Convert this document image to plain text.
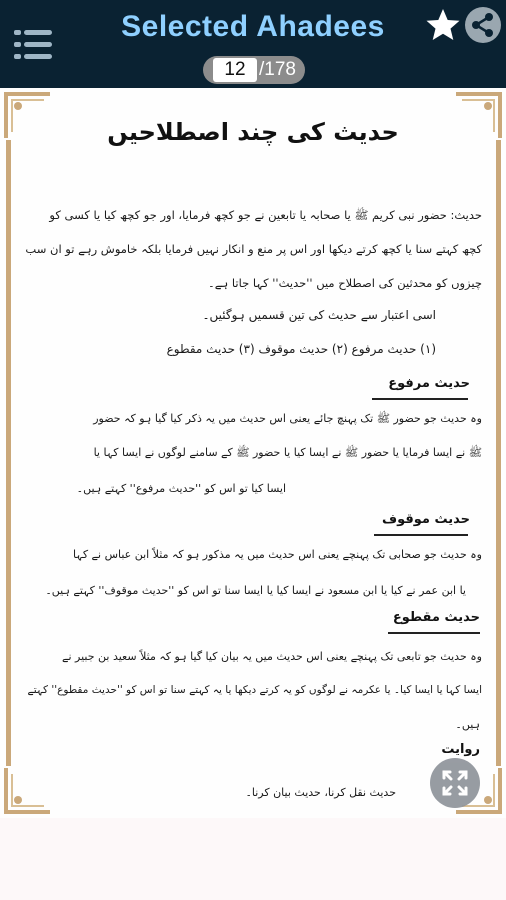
Selected Ahadees
12 /178
حدیث کی چند اصطلاحیں
حدیث: حضور نبی کریم ﷺ یا صحابہ یا تابعین نے جو کچھ فرمایا، اور جو کچھ کیا یا کسی کو
کچھ کہتے سنا یا کچھ کرتے دیکھا اور اس پر منع و انکار نہیں فرمایا بلکہ خاموش رہے تو ان سب
چیزوں کو محدثین کی اصطلاح میں ''حدیث'' کہا جاتا ہے۔
اسی اعتبار سے حدیث کی تین قسمیں ہوگئیں۔
(۱) حدیث مرفوع (۲) حدیث موقوف (۳) حدیث مقطوع
حدیث مرفوع
وہ حدیث جو حضور ﷺ تک پہنچ جائے یعنی اس حدیث میں یہ ذکر کیا گیا ہو کہ حضور
ﷺ نے ایسا فرمایا یا حضور ﷺ نے ایسا کیا یا حضور ﷺ کے سامنے لوگوں نے ایسا کہا یا
ایسا کیا تو اس کو ''حدیث مرفوع'' کہتے ہیں۔
حدیث موقوف
وہ حدیث جو صحابی تک پہنچے یعنی اس حدیث میں یہ مذکور ہو کہ مثلاً ابن عباس نے کہا
یا ابن عمر نے کیا یا ابن مسعود نے ایسا کیا یا ایسا سنا تو اس کو ''حدیث موقوف'' کہتے ہیں۔
حدیث مقطوع
وہ حدیث جو تابعی تک پہنچے یعنی اس حدیث میں یہ بیان کیا گیا ہو کہ مثلاً سعید بن جبیر نے
ایسا کہا یا ایسا کیا۔ یا عکرمہ نے لوگوں کو یہ کرتے دیکھا یا یہ کہتے سنا تو اس کو ''حدیث مقطوع'' کہتے
ہیں۔
روایت
حدیث نقل کرنا، حدیث بیان کرنا۔
